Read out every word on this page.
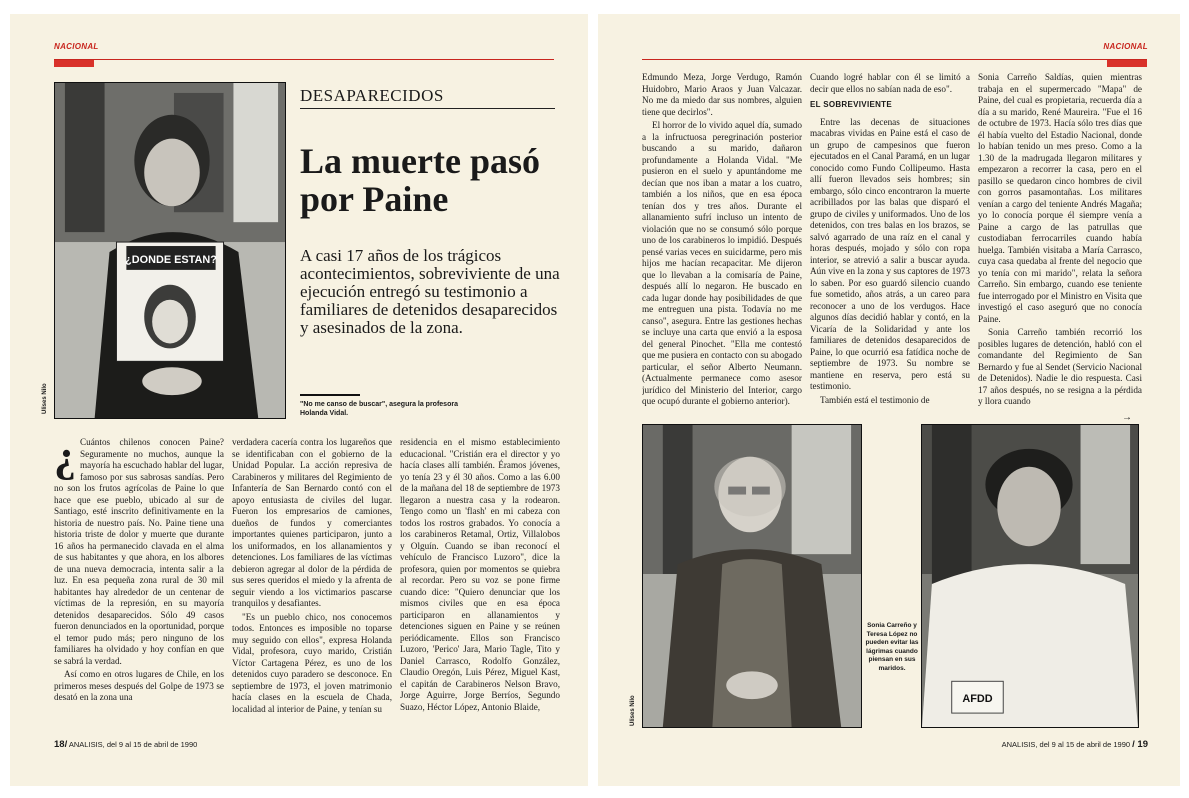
NACIONAL
¿DONDE ESTAN?
Ulises Nilo
DESAPARECIDOS
La muerte pasó por Paine
A casi 17 años de los trágicos acontecimientos, sobreviviente de una ejecución entregó su testimonio a familiares de detenidos desaparecidos y asesinados de la zona.
"No me canso de buscar", asegura la profesora Holanda Vidal.
¿ Cuántos chilenos conocen Paine? Seguramente no muchos, aunque la mayoría ha escuchado hablar del lugar, famoso por sus sabrosas sandías. Pero no son los frutos agrícolas de Paine lo que hace que ese pueblo, ubicado al sur de Santiago, esté inscrito definitivamente en la historia de nuestro país. No. Paine tiene una historia triste de dolor y muerte que durante 16 años ha permanecido clavada en el alma de sus habitantes y que ahora, en los albores de una nueva democracia, intenta salir a la luz. En esa pequeña zona rural de 30 mil habitantes hay alrededor de un centenar de víctimas de la represión, en su mayoría detenidos desaparecidos. Sólo 49 casos fueron denunciados en la oportunidad, porque el temor pudo más; pero ninguno de los familiares ha olvidado y hoy confían en que se sabrá la verdad.

Así como en otros lugares de Chile, en los primeros meses después del Golpe de 1973 se desató en la zona una

verdadera cacería contra los lugareños que se identificaban con el gobierno de la Unidad Popular. La acción represiva de Carabineros y militares del Regimiento de Infantería de San Bernardo contó con el apoyo entusiasta de civiles del lugar. Fueron los empresarios de camiones, dueños de fundos y comerciantes importantes quienes participaron, junto a los uniformados, en los allanamientos y detenciones. Los familiares de las víctimas debieron agregar al dolor de la pérdida de sus seres queridos el miedo y la afrenta de seguir viendo a los victimarios pascarse tranquilos y desafiantes.

"Es un pueblo chico, nos conocemos todos. Entonces es imposible no toparse muy seguido con ellos", expresa Holanda Vidal, profesora, cuyo marido, Cristián Víctor Cartagena Pérez, es uno de los detenidos cuyo paradero se desconoce. En septiembre de 1973, el joven matrimonio hacía clases en la escuela de Chada, localidad al interior de Paine, y tenían su

residencia en el mismo establecimiento educacional. "Cristián era el director y yo hacía clases allí también. Éramos jóvenes, yo tenía 23 y él 30 años. Como a las 6.00 de la mañana del 18 de septiembre de 1973 llegaron a nuestra casa y la rodearon. Tengo como un 'flash' en mi cabeza con todos los rostros grabados. Yo conocía a los carabineros Retamal, Ortiz, Villalobos y Olguín. Cuando se iban reconocí el vehículo de Francisco Luzoro", dice la profesora, quien por momentos se quiebra al recordar. Pero su voz se pone firme cuando dice: "Quiero denunciar que los mismos civiles que en esa época participaron en allanamientos y detenciones siguen en Paine y se reúnen periódicamente. Ellos son Francisco Luzoro, 'Perico' Jara, Mario Tagle, Tito y Daniel Carrasco, Rodolfo González, Claudio Oregón, Luis Pérez, Miguel Kast, el capitán de Carabineros Nelson Bravo, Jorge Aguirre, Jorge Berríos, Segundo Suazo, Héctor López, Antonio Blaide,

18/ ANALISIS, del 9 al 15 de abril de 1990
NACIONAL

Edmundo Meza, Jorge Verdugo, Ramón Huidobro, Mario Araos y Juan Valcazar. No me da miedo dar sus nombres, alguien tiene que decirlos".

El horror de lo vivido aquel día, sumado a la infructuosa peregrinación posterior buscando a su marido, dañaron profundamente a Holanda Vidal. "Me pusieron en el suelo y apuntándome me decían que nos iban a matar a los cuatro, también a los niños, que en esa época tenían dos y tres años. Durante el allanamiento sufrí incluso un intento de violación que no se consumó sólo porque uno de los carabineros lo impidió. Después pensé varias veces en suicidarme, pero mis hijos me hacían recapacitar. Me dijeron que lo llevaban a la comisaría de Paine, después allí lo negaron. He buscado en cada lugar donde hay posibilidades de que me entreguen una pista. Todavía no me canso", asegura. Entre las gestiones hechas se incluye una carta que envió a la esposa del general Pinochet. "Ella me contestó que me pusiera en contacto con su abogado particular, el señor Alberto Neumann. (Actualmente permanece como asesor jurídico del Ministerio del Interior, cargo que ocupó durante el gobierno anterior).

Cuando logré hablar con él se limitó a decir que ellos no sabían nada de eso".

EL SOBREVIVIENTE

Entre las decenas de situaciones macabras vividas en Paine está el caso de un grupo de campesinos que fueron ejecutados en el Canal Paramá, en un lugar conocido como Fundo Collipeumo. Hasta allí fueron llevados seis hombres; sin embargo, sólo cinco encontraron la muerte acribillados por las balas que disparó el grupo de civiles y uniformados. Uno de los detenidos, con tres balas en los brazos, se salvó agarrado de una raíz en el canal y horas después, mojado y sólo con ropa interior, se atrevió a salir a buscar ayuda. Aún vive en la zona y sus captores de 1973 lo saben. Por eso guardó silencio cuando fue sometido, años atrás, a un careo para reconocer a uno de los verdugos. Hace algunos días decidió hablar y contó, en la Vicaría de la Solidaridad y ante los familiares de detenidos desaparecidos de Paine, lo que ocurrió esa fatídica noche de septiembre de 1973. Su nombre se mantiene en reserva, pero está su testimonio.

También está el testimonio de

Sonia Carreño Saldías, quien mientras trabaja en el supermercado "Mapa" de Paine, del cual es propietaria, recuerda día a día a su marido, René Maureira. "Fue el 16 de octubre de 1973. Hacía sólo tres días que él había vuelto del Estadio Nacional, donde lo habían tenido un mes preso. Como a la 1.30 de la madrugada llegaron militares y empezaron a recorrer la casa, pero en el pasillo se quedaron cinco hombres de civil con gorros pasamontañas. Los militares venían a cargo del teniente Andrés Magaña; yo lo conocía porque él siempre venía a Paine a cargo de las patrullas que custodiaban ferrocarriles cuando había huelga. También visitaba a María Carrasco, cuya casa quedaba al frente del negocio que yo tenía con mi marido", relata la señora Carreño. Sin embargo, cuando ese teniente fue interrogado por el Ministro en Visita que investigó el caso aseguró que no conocía Paine.

Sonia Carreño también recorrió los posibles lugares de detención, habló con el comandante del Regimiento de San Bernardo y fue al Sendet (Servicio Nacional de Detenidos). Nadie le dio respuesta. Casi 17 años después, no se resigna a la pérdida y llora cuando

→
Ulises Nilo
Sonia Carreño y Teresa López no pueden evitar las lágrimas cuando piensan en sus maridos.
AFDD
ANALISIS, del 9 al 15 de abril de 1990 / 19
